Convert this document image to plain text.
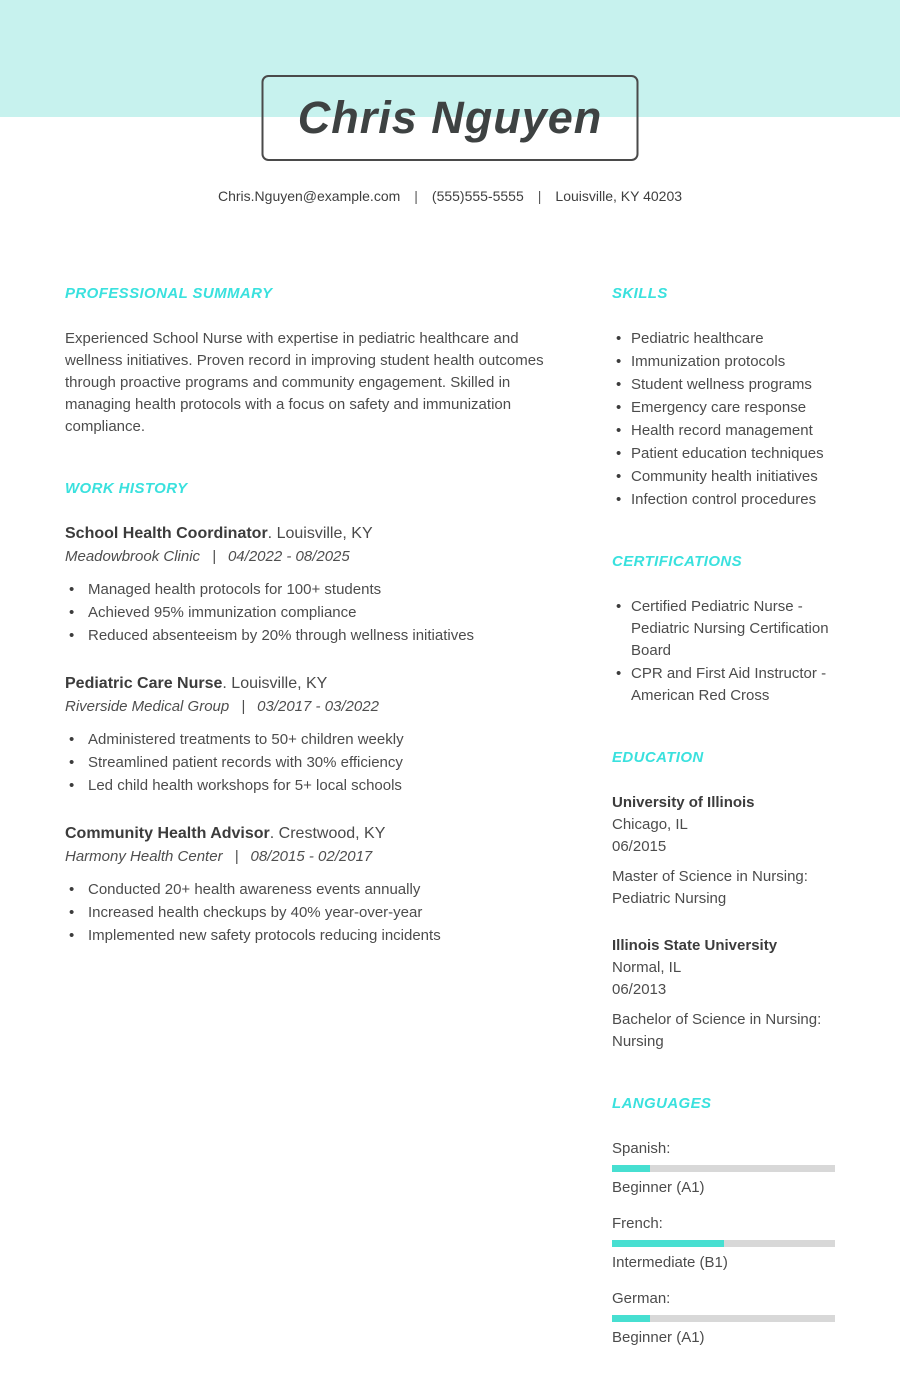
Chris Nguyen
Chris.Nguyen@example.com | (555)555-5555 | Louisville, KY 40203
PROFESSIONAL SUMMARY

Experienced School Nurse with expertise in pediatric healthcare and wellness initiatives. Proven record in improving student health outcomes through proactive programs and community engagement. Skilled in managing health protocols with a focus on safety and immunization compliance.

WORK HISTORY
School Health Coordinator. Louisville, KY
Meadowbrook Clinic | 04/2022 - 08/2025
• Managed health protocols for 100+ students
• Achieved 95% immunization compliance
• Reduced absenteeism by 20% through wellness initiatives
Pediatric Care Nurse. Louisville, KY
Riverside Medical Group | 03/2017 - 03/2022
• Administered treatments to 50+ children weekly
• Streamlined patient records with 30% efficiency
• Led child health workshops for 5+ local schools
Community Health Advisor. Crestwood, KY
Harmony Health Center | 08/2015 - 02/2017
• Conducted 20+ health awareness events annually
• Increased health checkups by 40% year-over-year
• Implemented new safety protocols reducing incidents
SKILLS
• Pediatric healthcare
• Immunization protocols
• Student wellness programs
• Emergency care response
• Health record management
• Patient education techniques
• Community health initiatives
• Infection control procedures
CERTIFICATIONS
• Certified Pediatric Nurse - Pediatric Nursing Certification Board
• CPR and First Aid Instructor - American Red Cross
EDUCATION
University of Illinois
Chicago, IL
06/2015
Master of Science in Nursing: Pediatric Nursing
Illinois State University
Normal, IL
06/2013
Bachelor of Science in Nursing: Nursing
LANGUAGES
Spanish:
Beginner (A1)
French:
Intermediate (B1)
German:
Beginner (A1)
